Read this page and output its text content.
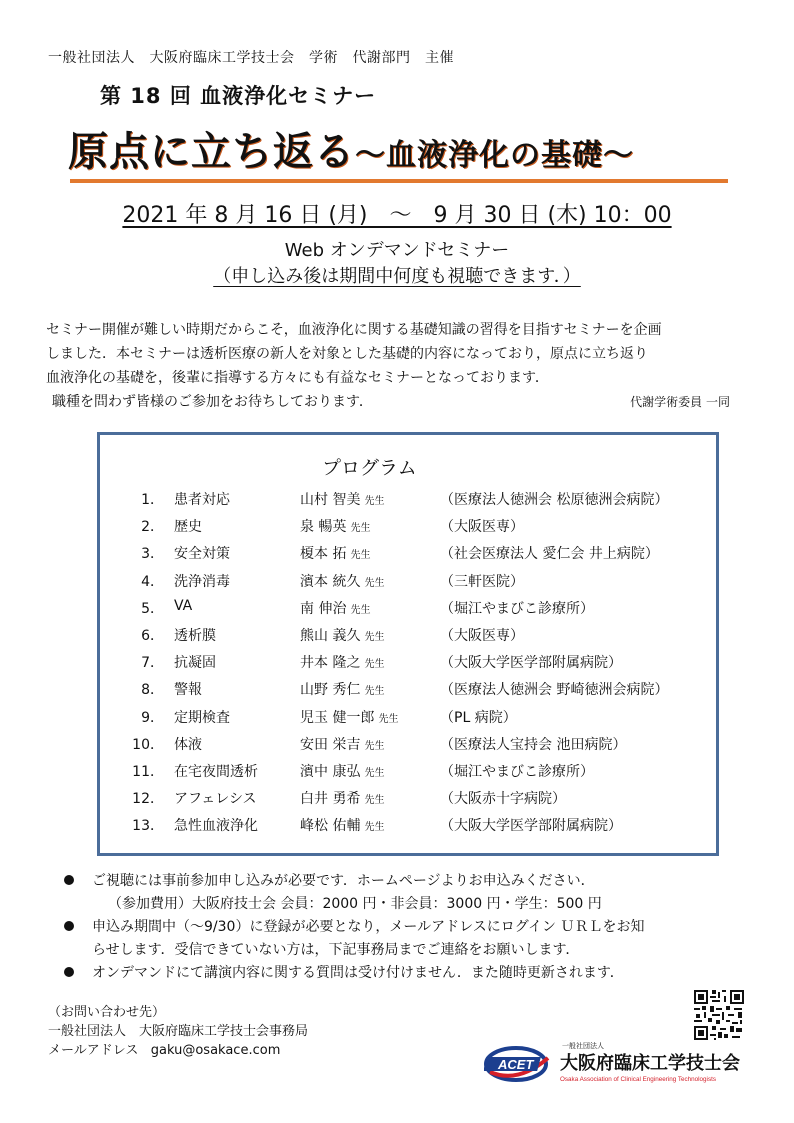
一般社団法人　大阪府臨床工学技士会　学術　代謝部門　主催
第 18 回 血液浄化セミナー
原点に立ち返る～血液浄化の基礎～
2021 年 8 月 16 日 (月)　～　9 月 30 日 (木) 10：00
Web オンデマンドセミナー
（申し込み後は期間中何度も視聴できます．）

セミナー開催が難しい時期だからこそ，血液浄化に関する基礎知識の習得を目指すセミナーを企画

しました．本セミナーは透析医療の新人を対象とした基礎的内容になっており，原点に立ち返り

血液浄化の基礎を，後輩に指導する方々にも有益なセミナーとなっております．

職種を問わず皆様のご参加をお待ちしております．	代謝学術委員 一同
プログラム
1． 患者対応	山村 智美 先生	（医療法人徳洲会 松原徳洲会病院）
2． 歴史	泉 暢英 先生	（大阪医専）
3． 安全対策	榎本 拓 先生	（社会医療法人 愛仁会 井上病院）
4． 洗浄消毒	濱本 統久 先生	（三軒医院）
5． VA	南 伸治 先生	（堀江やまびこ診療所）
6． 透析膜	熊山 義久 先生	（大阪医専）
7． 抗凝固	井本 隆之 先生	（大阪大学医学部附属病院）
8． 警報	山野 秀仁 先生	（医療法人徳洲会 野崎徳洲会病院）
9． 定期検査	児玉 健一郎 先生	（PL 病院）
10． 体液	安田 栄吉 先生	（医療法人宝持会 池田病院）
11． 在宅夜間透析	濱中 康弘 先生	（堀江やまびこ診療所）
12． アフェレシス	白井 勇希 先生	（大阪赤十字病院）
13． 急性血液浄化	峰松 佑輔 先生	（大阪大学医学部附属病院）
ご視聴には事前参加申し込みが必要です．ホームページよりお申込みください．
（参加費用）大阪府技士会 会員：2000 円・非会員：3000 円・学生：500 円
申込み期間中（～9/30）に登録が必要となり，メールアドレスにログイン ＵＲＬをお知
らせします．受信できていない方は，下記事務局までご連絡をお願いします．
オンデマンドにて講演内容に関する質問は受け付けません．また随時更新されます．
（お問い合わせ先）
一般社団法人　大阪府臨床工学技士会事務局
メールアドレス gaku@osakace.com
ACET
一般社団法人
大阪府臨床工学技士会
Osaka Association of Clinical Engineering Technologists
